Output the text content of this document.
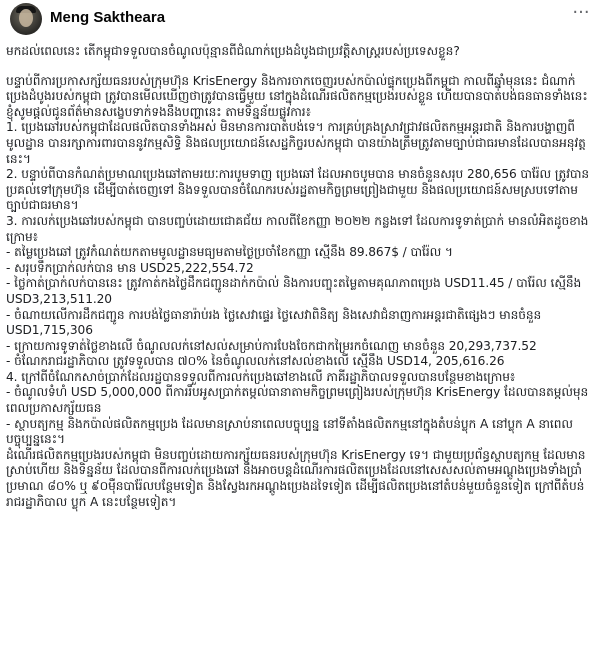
Meng Saktheara	···

មកដល់ពេលនេះ តើកម្ពុជាទទួលបានចំណូលប៉ុន្មានពីជំណាក់ប្រេងដំបូងជាប្រវត្តិសាស្រ្តរបស់ប្រទេសខ្លួន?

បន្ទាប់ពីការប្រកាសក្ស័យធនរបស់ក្រុមហ៊ុន KrisEnergy និងការចាកចេញរបស់កប៉ាល់ផ្ទុកប្រេងពីកម្ពុជា កាលពីឆ្នាំមុននេះ ជំណាក់ប្រេងដំបូងរបស់កម្ពុជា ត្រូវបានមើលឃើញថាត្រូវបានធ្វើមួយ នៅក្នុងដំណើរផលិតកម្មប្រេងរបស់ខ្លួន ហើយបានបាត់បង់ធនធានទាំងនេះ ខ្ញុំសូមផ្តល់ជូនព័ត៌មានសង្ខេបទាក់ទងនឹងបញ្ហានេះ តាមទិន្នន័យផ្លូវការ៖

1. ប្រេងឆៅរបស់កម្ពុជាដែលផលិតបានទាំងអស់ មិនមានការបាត់បង់ទេ។ ការគ្រប់គ្រងស្រាវជ្រាវផលិតកម្មអន្តរជាតិ និងការបង្ហាញពីមូលដ្ឋាន បានរក្សាការពារបាននូវកម្មសិទ្ធិ និងផលប្រយោជន៍សេដ្ឋកិច្ចរបស់កម្ពុជា បានយ៉ាងត្រឹមត្រូវតាមច្បាប់ជាធរមានដែលបានអនុវត្តនេះ។

2. បន្ទាប់ពីបានកំណត់ប្រមាណប្រេងឆៅតាមរយៈការបូមទាញ ប្រេងឆៅ ដែលអាចបូមបាន មានចំនួនសរុប 280,656 បារ៉ែល ត្រូវបានប្រគល់ទៅក្រុមហ៊ុន ដើម្បីបាត់ចេញទៅ និងទទួលបានចំណែករបស់រដ្ឋតាមកិច្ចព្រមព្រៀងជាមួយ និងផលប្រយោជន៍សមស្របទៅតាមច្បាប់ជាធរមាន។

3. ការលក់ប្រេងឆៅរបស់កម្ពុជា បានបញ្ចប់ដោយជោគជ័យ កាលពីខែកញ្ញា ២០២២ កន្លងទៅ ដែលការទូទាត់ប្រាក់ មានលំអិតដូចខាងក្រោម៖

- តម្លៃប្រេងឆៅ ត្រូវកំណត់យកតាមមូលដ្ឋានមធ្យមតាមថ្ងៃប្រចាំខែកញ្ញា ស្មើនឹង 89.867$ / បារ៉ែល ។

- សរុបទឹកប្រាក់លក់បាន មាន USD25,222,554.72

- ថ្លៃកាត់ប្រាក់លក់បាននេះ ត្រូវកាត់កងថ្លៃដឹកជញ្ជូនដាក់កប៉ាល់ និងការបញ្ចុះតម្លៃតាមគុណភាពប្រេង USD11.45 / បារ៉ែល ស្មើនឹង USD3,213,511.20

- ចំណាយលើការដឹកជញ្ជូន ការបង់ថ្លៃធានារ៉ាប់រង ថ្លៃសេវាផ្ទេរ ថ្លៃសេវាពិនិត្យ និងសេវាជំនាញការអន្តរជាតិផ្សេងៗ មានចំនួន USD1,715,306

- ក្រោយការទូទាត់ថ្លៃខាងលើ ចំណូលលក់នៅសល់សម្រាប់ការបែងចែកជាកម្រៃរកចំណេញ មានចំនួន 20,293,737.52

- ចំណែករាជរដ្ឋាភិបាល ត្រូវទទួលបាន ៧០% នៃចំណូលលក់នៅសល់ខាងលើ ស្មើនឹង USD14, 205,616.26

4. ក្រៅពីចំណែកសាច់ប្រាក់ដែលរដ្ឋបានទទួលពីការលក់ប្រេងឆៅខាងលើ ភាគីរដ្ឋាភិបាលទទួលបានបន្ថែមខាងក្រោម៖

- ចំណូលទំហំ USD 5,000,000 ពីការរឹបអូសប្រាក់តម្កល់ធានាតាមកិច្ចព្រមព្រៀងរបស់ក្រុមហ៊ុន KrisEnergy ដែលបានតម្កល់មុនពេលប្រកាសក្ស័យធន

- ស្ថាបត្យកម្ម និងកប៉ាល់ផលិតកម្មប្រេង ដែលមានស្រាប់នាពេលបច្ចុប្បន្ន នៅទីតាំងផលិតកម្មនៅក្នុងតំបន់ប្លុក A នៅប្លុក A នាពេលបច្ចុប្បន្ននេះ។

ដំណើរផលិតកម្មប្រេងរបស់កម្ពុជា មិនបញ្ចប់ដោយការក្ស័យធនរបស់ក្រុមហ៊ុន KrisEnergy ទេ។ ជាមួយប្រព័ន្ធស្ថាបត្យកម្ម ដែលមានស្រាប់ហើយ និងទិន្នន័យ ដែលបានពីការលក់ប្រេងឆៅ នឹងអាចបន្តដំណើរការផលិតប្រេងដែលនៅសេសសល់តាមអណ្តូងប្រេងទាំងប្រាំ ប្រមាណ ៨០% ឬ ៩០ម៉ឺនបារ៉ែលបន្ថែមទៀត និងស្វែងរកអណ្តូងប្រេងដទៃទៀត ដើម្បីផលិតប្រេងនៅតំបន់មួយចំនួនទៀត ក្រៅពីតំបន់រាជរដ្ឋាភិបាល ប្លុក A នេះបន្ថែមទៀត។
